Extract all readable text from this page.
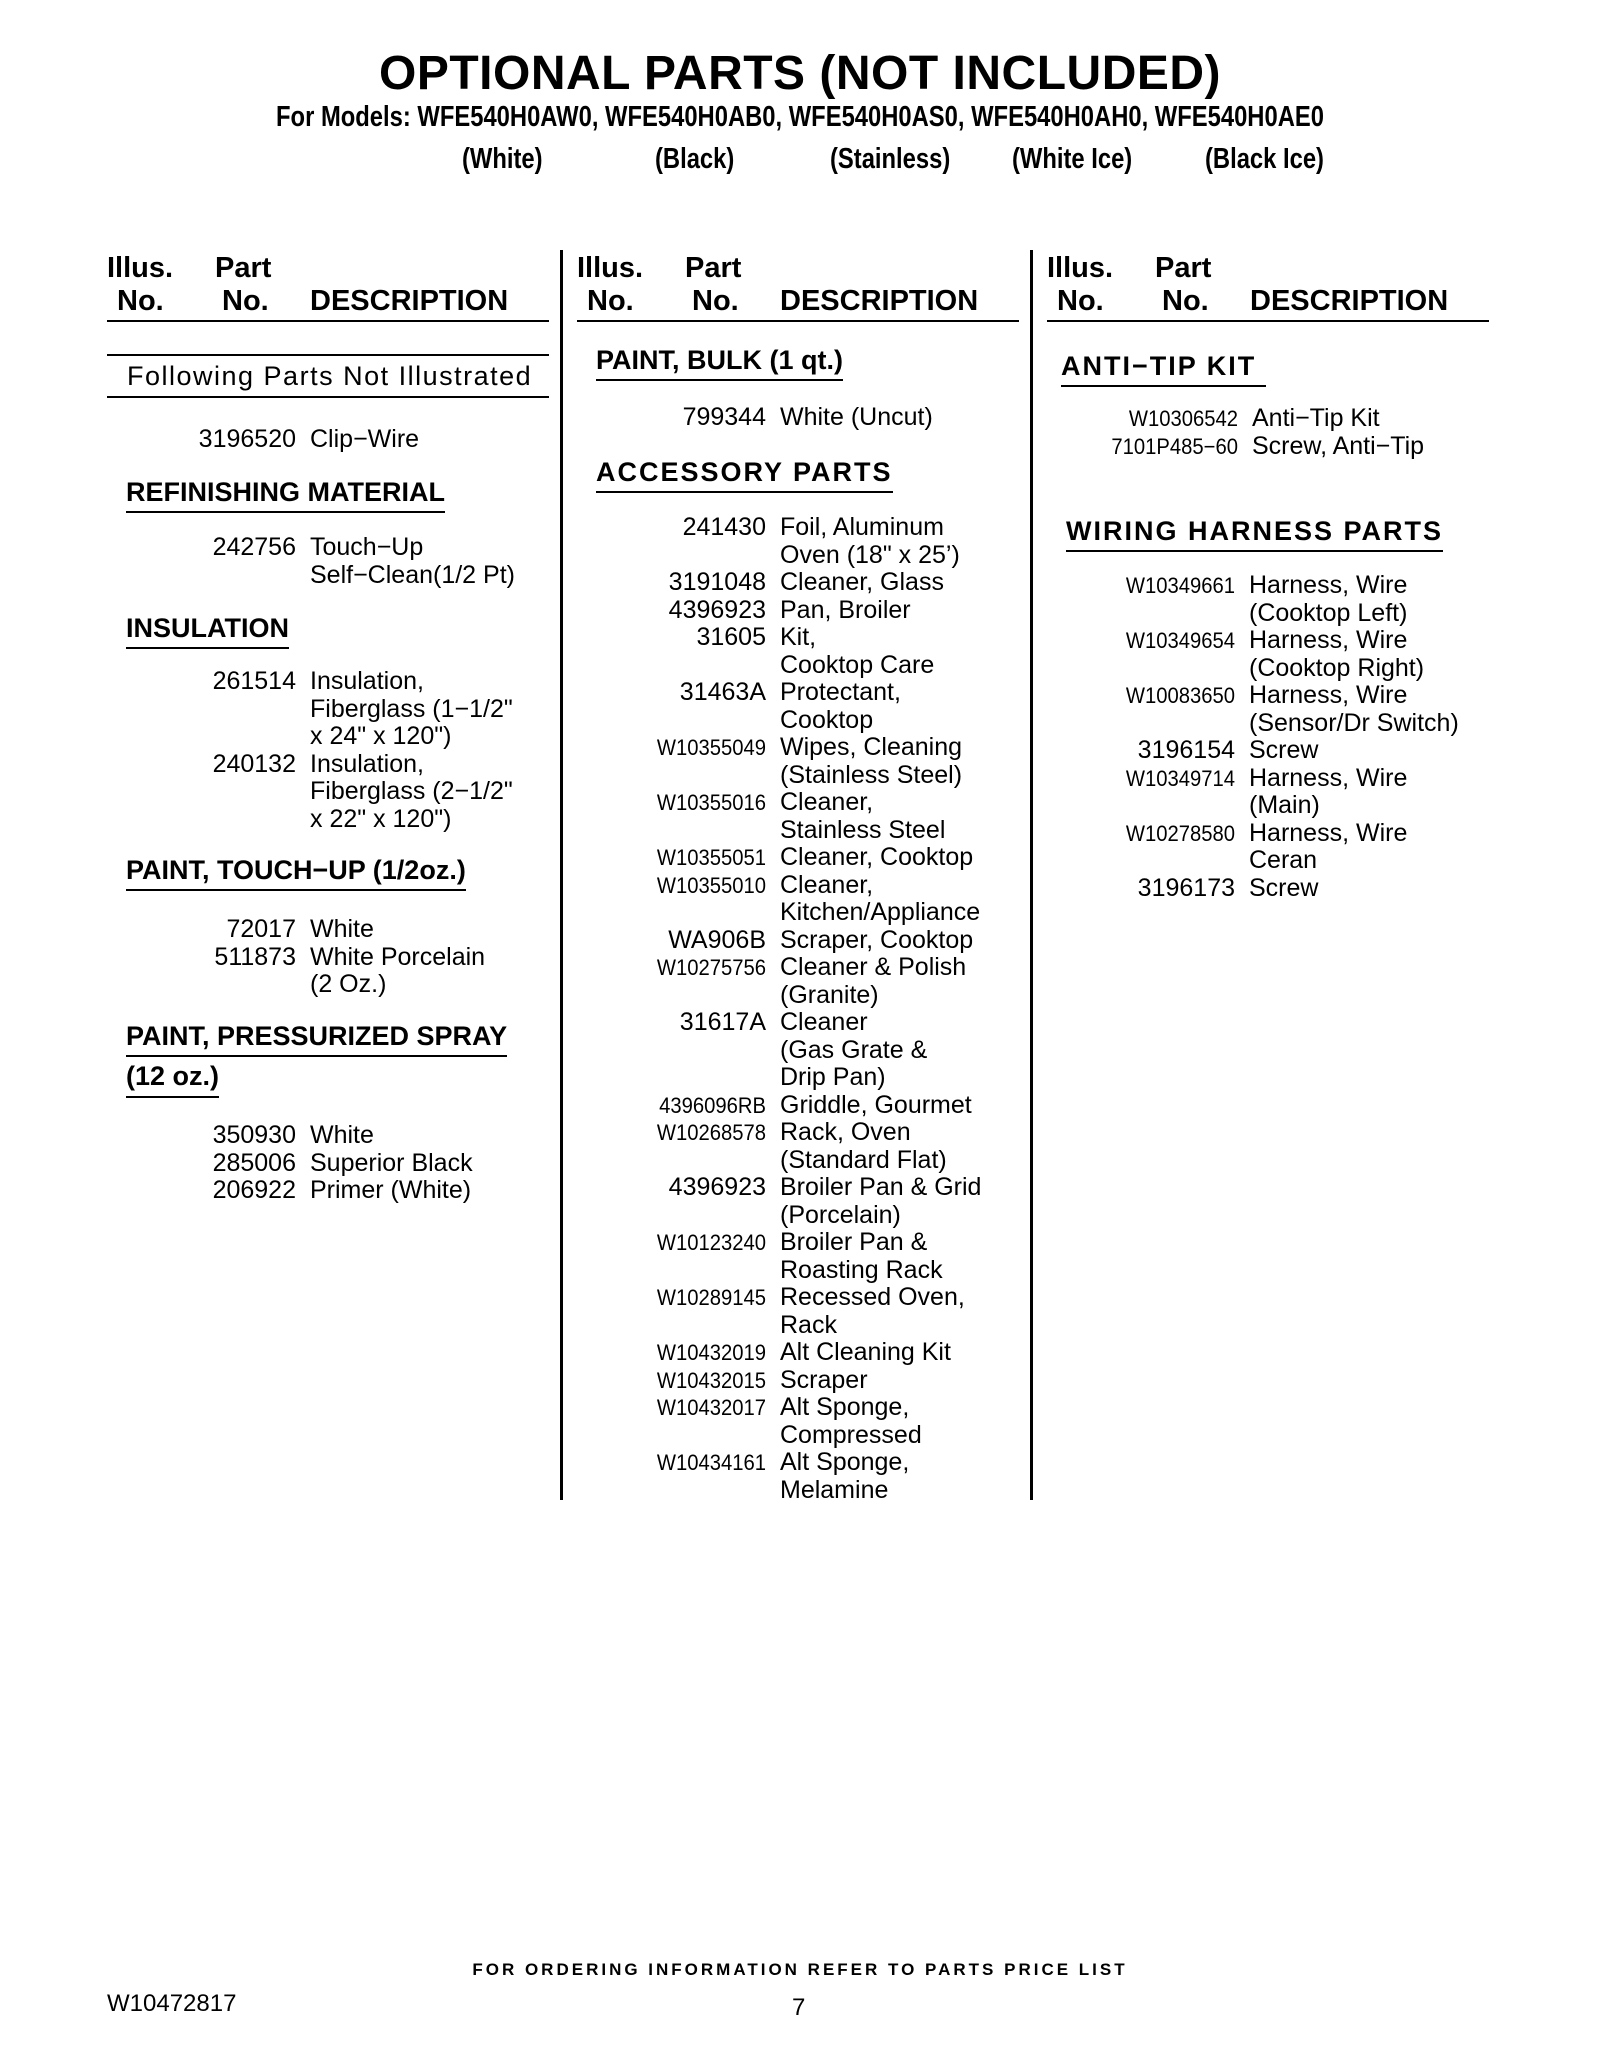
OPTIONAL PARTS (NOT INCLUDED)
For Models: WFE540H0AW0, WFE540H0AB0, WFE540H0AS0, WFE540H0AH0, WFE540H0AE0
(White)	(Black)	(Stainless) (White Ice)	(Black Ice)
Illus. Part
No. No. DESCRIPTION
Following Parts Not Illustrated
3196520 Clip−Wire
REFINISHING MATERIAL
242756 Touch−Up
Self−Clean(1/2 Pt)
INSULATION
261514 Insulation,
Fiberglass (1−1/2"
x 24" x 120")
240132 Insulation,
Fiberglass (2−1/2"
x 22" x 120")
PAINT, TOUCH−UP (1/2oz.)
72017 White
511873 White Porcelain
(2 Oz.)
PAINT, PRESSURIZED SPRAY
(12 oz.)
350930 White
285006 Superior Black
206922 Primer (White)
Illus. Part
No. No. DESCRIPTION
PAINT, BULK (1 qt.)
799344 White (Uncut)
ACCESSORY PARTS
241430 Foil, Aluminum
Oven (18" x 25’)
3191048 Cleaner, Glass
4396923 Pan, Broiler
31605 Kit,
Cooktop Care
31463A Protectant,
Cooktop
W10355049 Wipes, Cleaning
(Stainless Steel)
W10355016 Cleaner,
Stainless Steel
W10355051 Cleaner, Cooktop
W10355010 Cleaner,
Kitchen/Appliance
WA906B Scraper, Cooktop
W10275756 Cleaner & Polish
(Granite)
31617A Cleaner
(Gas Grate &
Drip Pan)
4396096RB Griddle, Gourmet
W10268578 Rack, Oven
(Standard Flat)
4396923 Broiler Pan & Grid
(Porcelain)
W10123240 Broiler Pan &
Roasting Rack
W10289145 Recessed Oven,
Rack
W10432019 Alt Cleaning Kit
W10432015 Scraper
W10432017 Alt Sponge,
Compressed
W10434161 Alt Sponge,
Melamine
Illus. Part
No. No. DESCRIPTION
ANTI−TIP KIT
W10306542 Anti−Tip Kit
7101P485−60 Screw, Anti−Tip
WIRING HARNESS PARTS
W10349661 Harness, Wire
(Cooktop Left)
W10349654 Harness, Wire
(Cooktop Right)
W10083650 Harness, Wire
(Sensor/Dr Switch)
3196154 Screw
W10349714 Harness, Wire
(Main)
W10278580 Harness, Wire
Ceran
3196173 Screw
FOR ORDERING INFORMATION REFER TO PARTS PRICE LIST
W10472817	7
